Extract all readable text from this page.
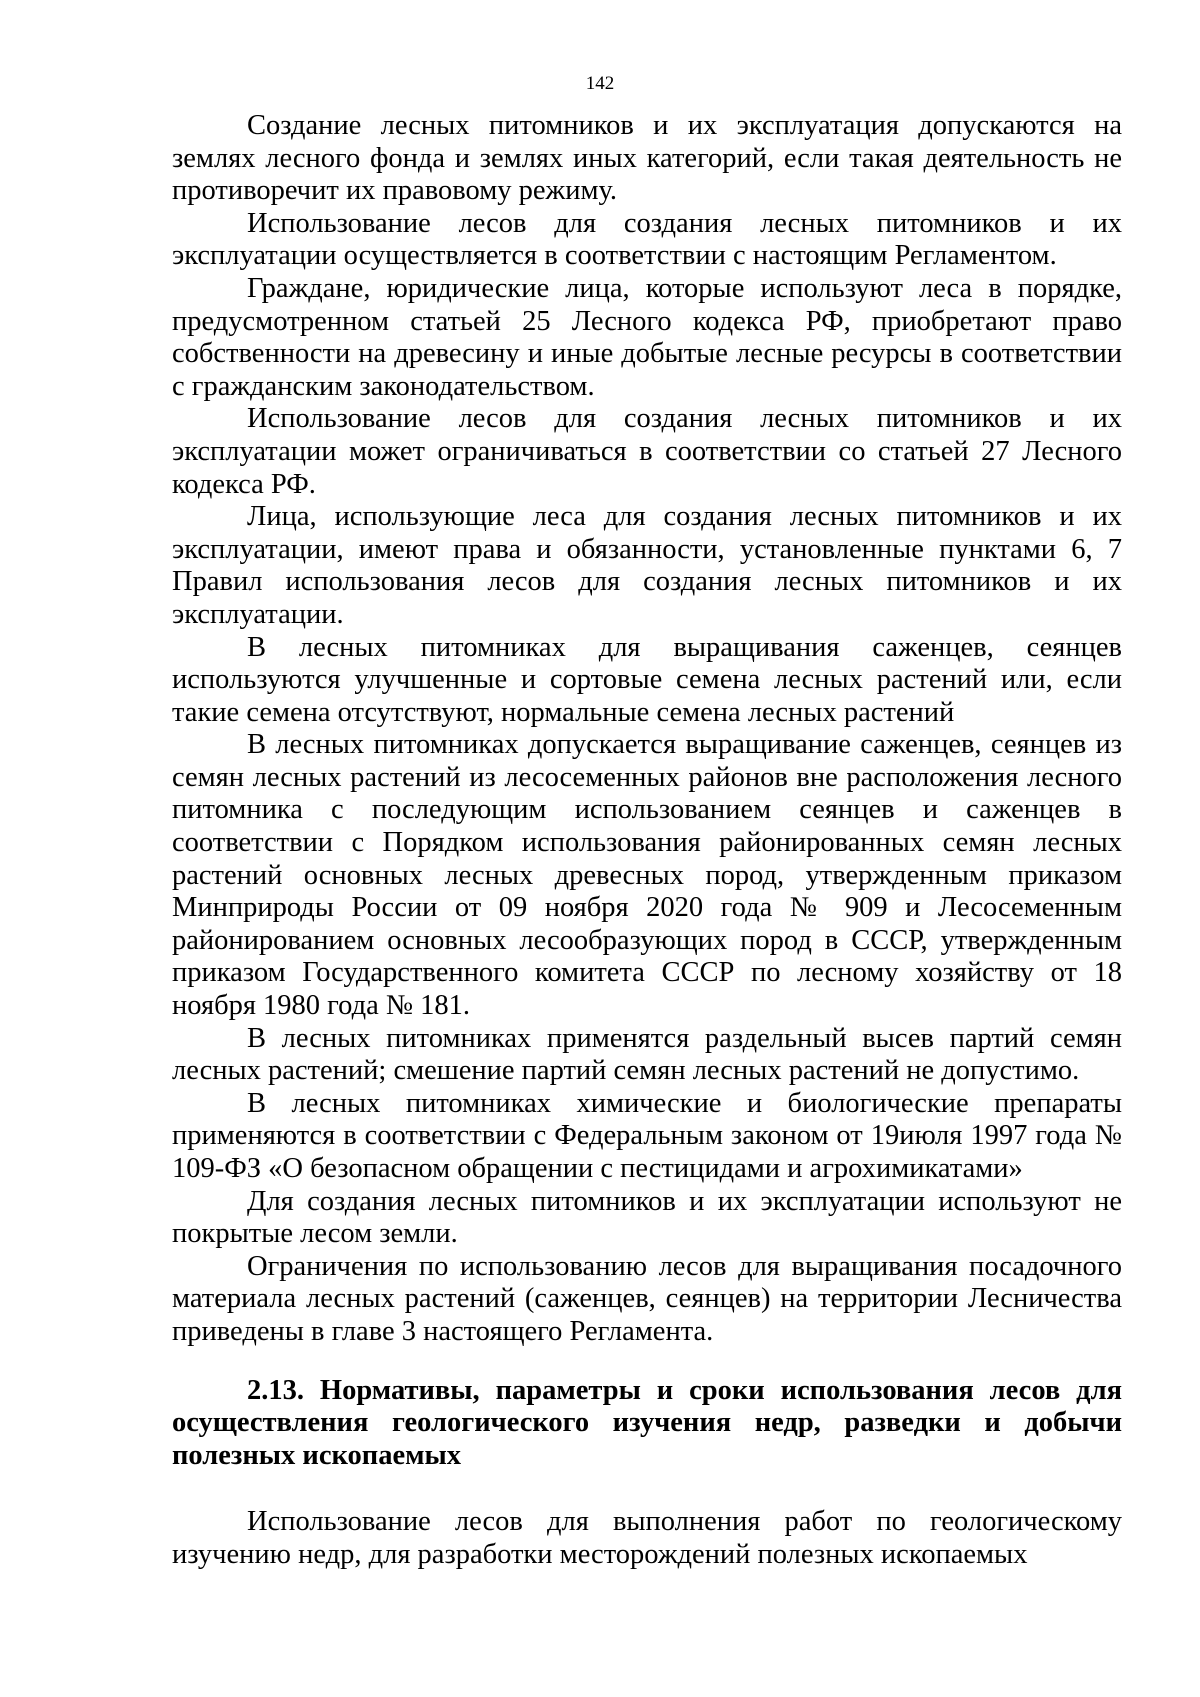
142

Создание лесных питомников и их эксплуатация допускаются на землях лесного фонда и землях иных категорий, если такая деятельность не противоречит их правовому режиму.

Использование лесов для создания лесных питомников и их эксплуатации осуществляется в соответствии с настоящим Регламентом.

Граждане, юридические лица, которые используют леса в порядке, предусмотренном статьей 25 Лесного кодекса РФ, приобретают право собственности на древесину и иные добытые лесные ресурсы в соответствии с гражданским законодательством.

Использование лесов для создания лесных питомников и их эксплуатации может ограничиваться в соответствии со статьей 27 Лесного кодекса РФ.

Лица, использующие леса для создания лесных питомников и их эксплуатации, имеют права и обязанности, установленные пунктами 6, 7 Правил использования лесов для создания лесных питомников и их эксплуатации.

В лесных питомниках для выращивания саженцев, сеянцев используются улучшенные и сортовые семена лесных растений или, если такие семена отсутствуют, нормальные семена лесных растений

В лесных питомниках допускается выращивание саженцев, сеянцев из семян лесных растений из лесосеменных районов вне расположения лесного питомника с последующим использованием сеянцев и саженцев в соответствии с Порядком использования районированных семян лесных растений основных лесных древесных пород, утвержденным приказом Минприроды России от 09 ноября 2020 года № 909 и Лесосеменным районированием основных лесообразующих пород в СССР, утвержденным приказом Государственного комитета СССР по лесному хозяйству от 18 ноября 1980 года № 181.

В лесных питомниках применятся раздельный высев партий семян лесных растений; смешение партий семян лесных растений не допустимо.

В лесных питомниках химические и биологические препараты применяются в соответствии с Федеральным законом от 19июля 1997 года № 109-ФЗ «О безопасном обращении с пестицидами и агрохимикатами»

Для создания лесных питомников и их эксплуатации используют не покрытые лесом земли.

Ограничения по использованию лесов для выращивания посадочного материала лесных растений (саженцев, сеянцев) на территории Лесничества приведены в главе 3 настоящего Регламента.

2.13. Нормативы, параметры и сроки использования лесов для осуществления геологического изучения недр, разведки и добычи полезных ископаемых

Использование лесов для выполнения работ по геологическому изучению недр, для разработки месторождений полезных ископаемых
